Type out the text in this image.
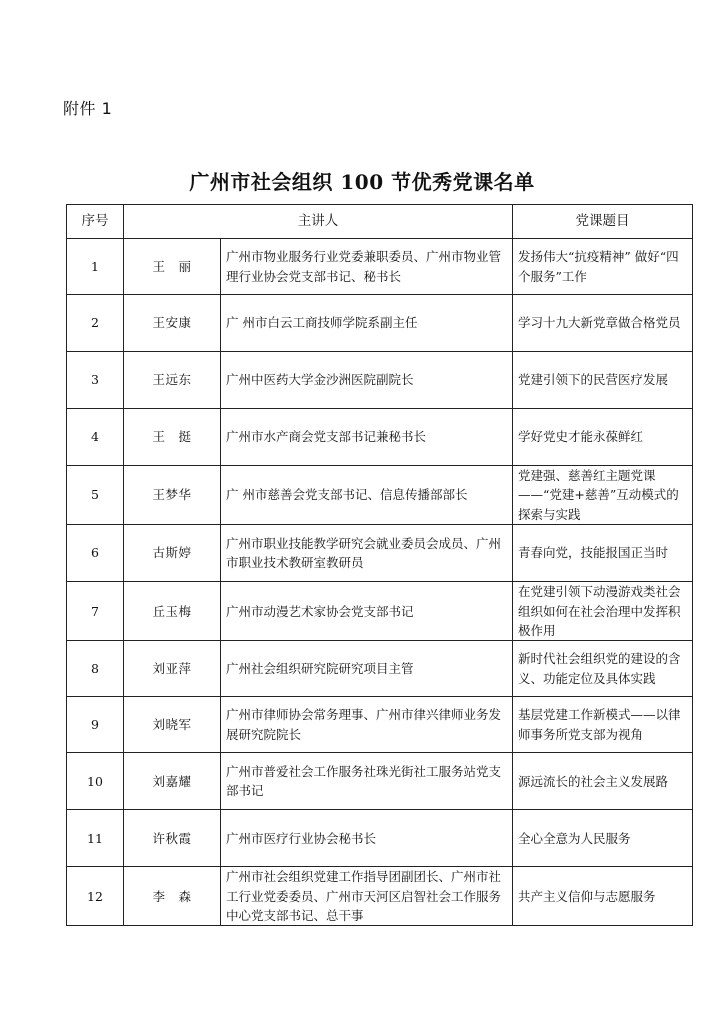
附件 1
广州市社会组织 100 节优秀党课名单
序号	主讲人		党课题目
1	王　丽	广州市物业服务行业党委兼职委员、广州市物业管理行业协会党支部书记、秘书长	发扬伟大“抗疫精神” 做好“四个服务”工作
2	王安康	广 州市白云工商技师学院系副主任	学习十九大新党章做合格党员
3	王远东	广州中医药大学金沙洲医院副院长	党建引领下的民营医疗发展
4	王　挺	广州市水产商会党支部书记兼秘书长	学好党史才能永葆鲜红
5	王梦华	广 州市慈善会党支部书记、信息传播部部长	党建强、慈善红主题党课——“党建+慈善”互动模式的探索与实践
6	古斯婷	广州市职业技能教学研究会就业委员会成员、广州市职业技术教研室教研员	青春向党，技能报国正当时
7	丘玉梅	广州市动漫艺术家协会党支部书记	在党建引领下动漫游戏类社会组织如何在社会治理中发挥积极作用
8	刘亚萍	广州社会组织研究院研究项目主管	新时代社会组织党的建设的含义、功能定位及具体实践
9	刘晓军	广州市律师协会常务理事、广州市律兴律师业务发展研究院院长	基层党建工作新模式——以律师事务所党支部为视角
10	刘嘉耀	广州市普爱社会工作服务社珠光街社工服务站党支部书记	源远流长的社会主义发展路
11	许秋霞	广州市医疗行业协会秘书长	全心全意为人民服务
12	李　森	广州市社会组织党建工作指导团副团长、广州市社工行业党委委员、广州市天河区启智社会工作服务中心党支部书记、总干事	共产主义信仰与志愿服务
